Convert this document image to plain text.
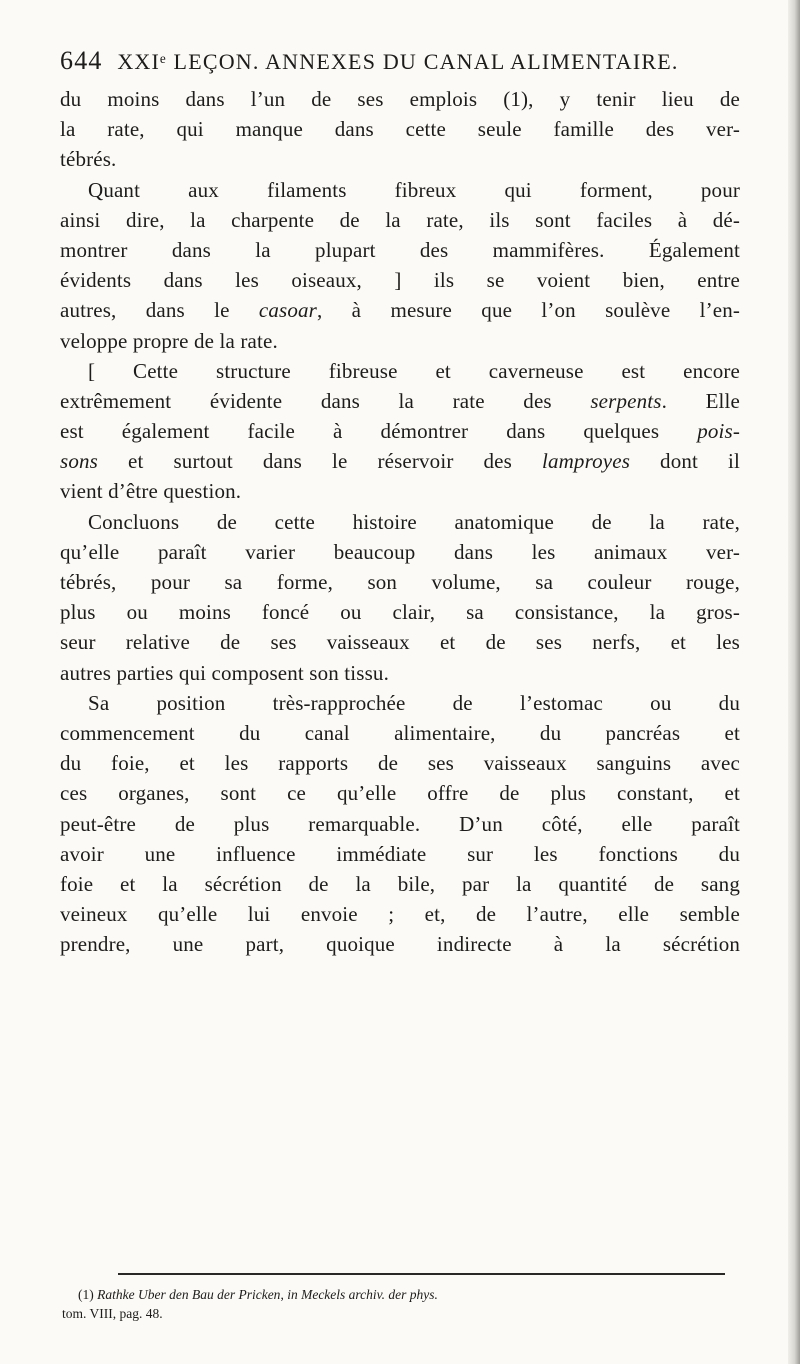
644 XXIᵉ LEÇON. ANNEXES DU CANAL ALIMENTAIRE.
du moins dans l’un de ses emplois (1), y tenir lieu de
la rate, qui manque dans cette seule famille des ver-
tébrés.
Quant aux filaments fibreux qui forment, pour
ainsi dire, la charpente de la rate, ils sont faciles à dé-
montrer dans la plupart des mammifères. Également
évidents dans les oiseaux, ] ils se voient bien, entre
autres, dans le casoar, à mesure que l’on soulève l’en-
veloppe propre de la rate.
[ Cette structure fibreuse et caverneuse est encore
extrêmement évidente dans la rate des serpents. Elle
est également facile à démontrer dans quelques pois-
sons et surtout dans le réservoir des lamproyes dont il
vient d’être question.
Concluons de cette histoire anatomique de la rate,
qu’elle paraît varier beaucoup dans les animaux ver-
tébrés, pour sa forme, son volume, sa couleur rouge,
plus ou moins foncé ou clair, sa consistance, la gros-
seur relative de ses vaisseaux et de ses nerfs, et les
autres parties qui composent son tissu.
Sa position très-rapprochée de l’estomac ou du
commencement du canal alimentaire, du pancréas et
du foie, et les rapports de ses vaisseaux sanguins avec
ces organes, sont ce qu’elle offre de plus constant, et
peut-être de plus remarquable. D’un côté, elle paraît
avoir une influence immédiate sur les fonctions du
foie et la sécrétion de la bile, par la quantité de sang
veineux qu’elle lui envoie ; et, de l’autre, elle semble
prendre, une part, quoique indirecte à la sécrétion
(1) Rathke Uber den Bau der Pricken, in Meckels archiv. der phys.
tom. VIII, pag. 48.
